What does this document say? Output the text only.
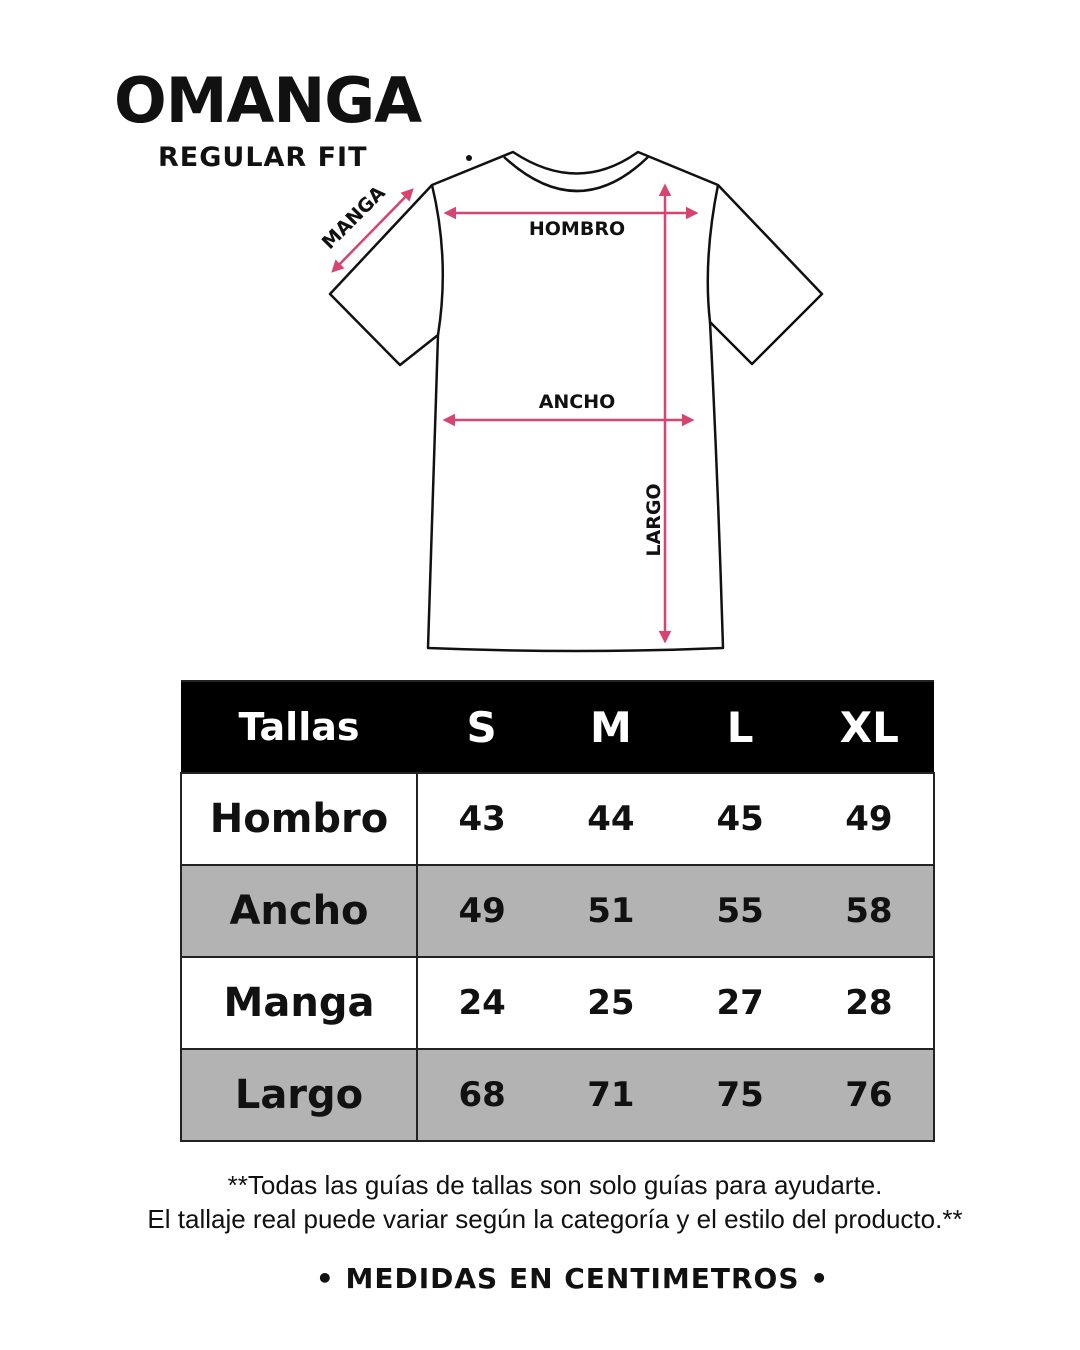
OMANGA
REGULAR FIT
MANGA	HOMBRO
ANCHO
LARGO
Tallas	S	M	L	XL
Hombro	43	44	45	49
Ancho	49	51	55	58
Manga	24	25	27	28
Largo	68	71	75	76
**Todas las guías de tallas son solo guías para ayudarte.
El tallaje real puede variar según la categoría y el estilo del producto.**
• MEDIDAS EN CENTIMETROS •
